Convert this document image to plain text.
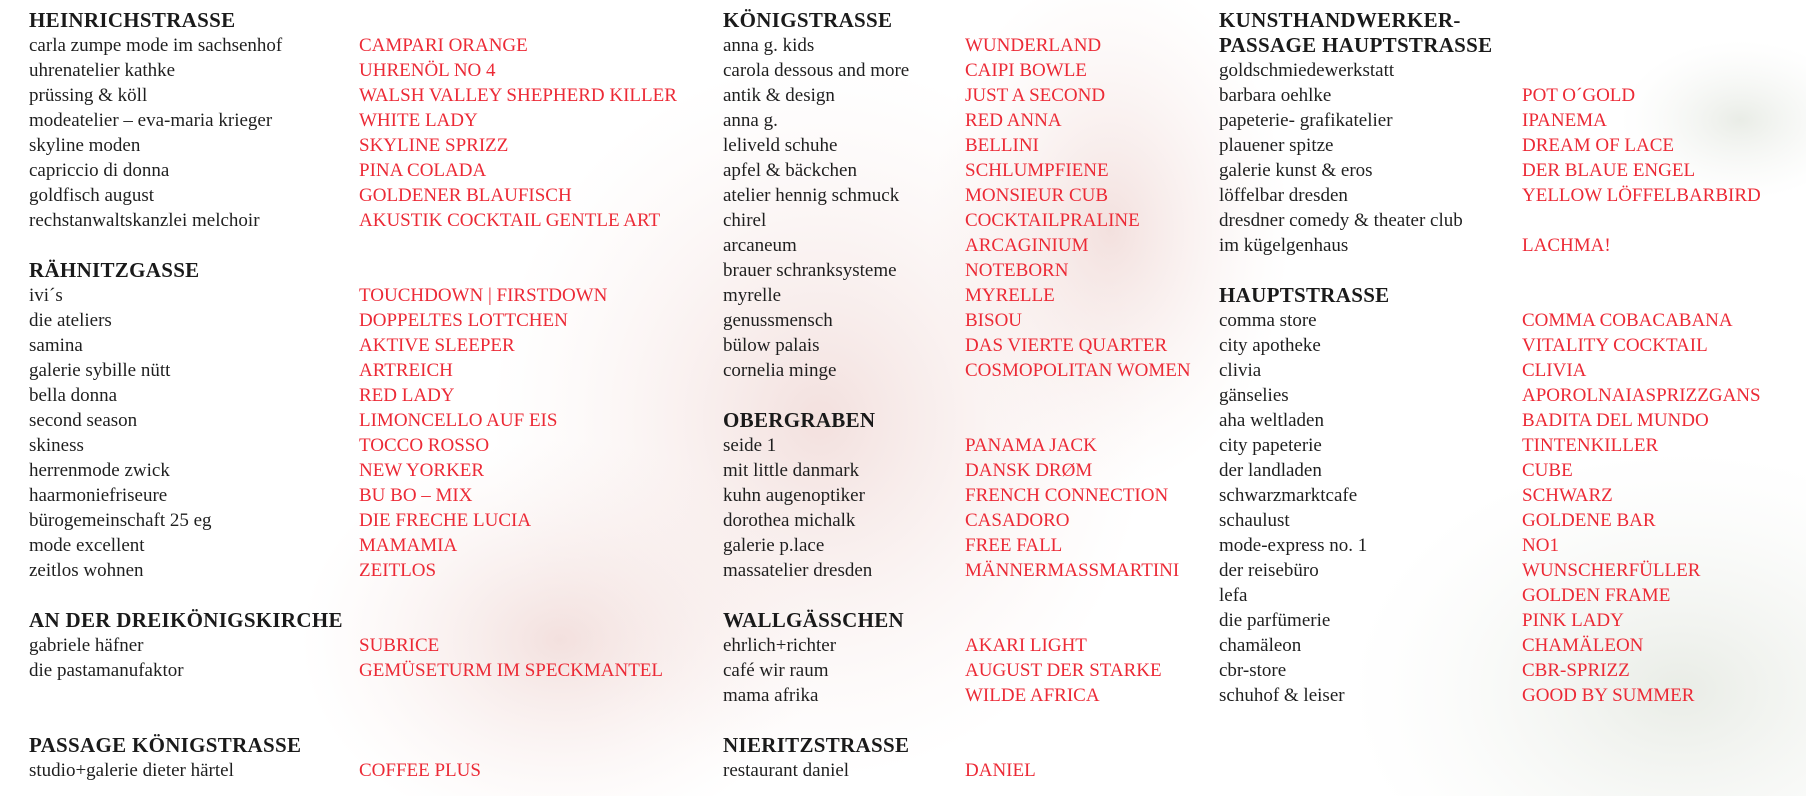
HEINRICHSTRASSE
carla zumpe mode im sachsenhof	CAMPARI ORANGE
uhrenatelier kathke	UHRENÖL NO 4
prüssing & köll	WALSH VALLEY SHEPHERD KILLER
modeatelier – eva-maria krieger	WHITE LADY
skyline moden	SKYLINE SPRIZZ
capriccio di donna	PINA COLADA
goldfisch august	GOLDENER BLAUFISCH
rechstanwaltskanzlei melchoir	AKUSTIK COCKTAIL GENTLE ART
RÄHNITZGASSE
ivi´s	TOUCHDOWN | FIRSTDOWN
die ateliers	DOPPELTES LOTTCHEN
samina	AKTIVE SLEEPER
galerie sybille nütt	ARTREICH
bella donna	RED LADY
second season	LIMONCELLO AUF EIS
skiness	TOCCO ROSSO
herrenmode zwick	NEW YORKER
haarmoniefriseure	BU BO – MIX
bürogemeinschaft 25 eg	DIE FRECHE LUCIA
mode excellent	MAMAMIA
zeitlos wohnen	ZEITLOS
AN DER DREIKÖNIGSKIRCHE
gabriele häfner	SUBRICE
die pastamanufaktor	GEMÜSETURM IM SPECKMANTEL
PASSAGE KÖNIGSTRASSE
studio+galerie dieter härtel	COFFEE PLUS
KÖNIGSTRASSE
anna g. kids	WUNDERLAND
carola dessous and more	CAIPI BOWLE
antik & design	JUST A SECOND
anna g.	RED ANNA
leliveld schuhe	BELLINI
apfel & bäckchen	SCHLUMPFIENE
atelier hennig schmuck	MONSIEUR CUB
chirel	COCKTAILPRALINE
arcaneum	ARCAGINIUM
brauer schranksysteme	NOTEBORN
myrelle	MYRELLE
genussmensch	BISOU
bülow palais	DAS VIERTE QUARTER
cornelia minge	COSMOPOLITAN WOMEN
OBERGRABEN
seide 1	PANAMA JACK
mit little danmark	DANSK DRØM
kuhn augenoptiker	FRENCH CONNECTION
dorothea michalk	CASADORO
galerie p.lace	FREE FALL
massatelier dresden	MÄNNERMASSMARTINI
WALLGÄSSCHEN
ehrlich+richter	AKARI LIGHT
café wir raum	AUGUST DER STARKE
mama afrika	WILDE AFRICA
NIERITZSTRASSE
restaurant daniel	DANIEL
KUNSTHANDWERKER-
PASSAGE HAUPTSTRASSE
goldschmiedewerkstatt
barbara oehlke	POT O´GOLD
papeterie- grafikatelier	IPANEMA
plauener spitze	DREAM OF LACE
galerie kunst & eros	DER BLAUE ENGEL
löffelbar dresden	YELLOW LÖFFELBARBIRD
dresdner comedy & theater club
im kügelgenhaus	LACHMA!
HAUPTSTRASSE
comma store	COMMA COBACABANA
city apotheke	VITALITY COCKTAIL
clivia	CLIVIA
gänselies	APOROLNAIASPRIZZGANS
aha weltladen	BADITA DEL MUNDO
city papeterie	TINTENKILLER
der landladen	CUBE
schwarzmarktcafe	SCHWARZ
schaulust	GOLDENE BAR
mode-express no. 1	NO1
der reisebüro	WUNSCHERFÜLLER
lefa	GOLDEN FRAME
die parfümerie	PINK LADY
chamäleon	CHAMÄLEON
cbr-store	CBR-SPRIZZ
schuhof & leiser	GOOD BY SUMMER
